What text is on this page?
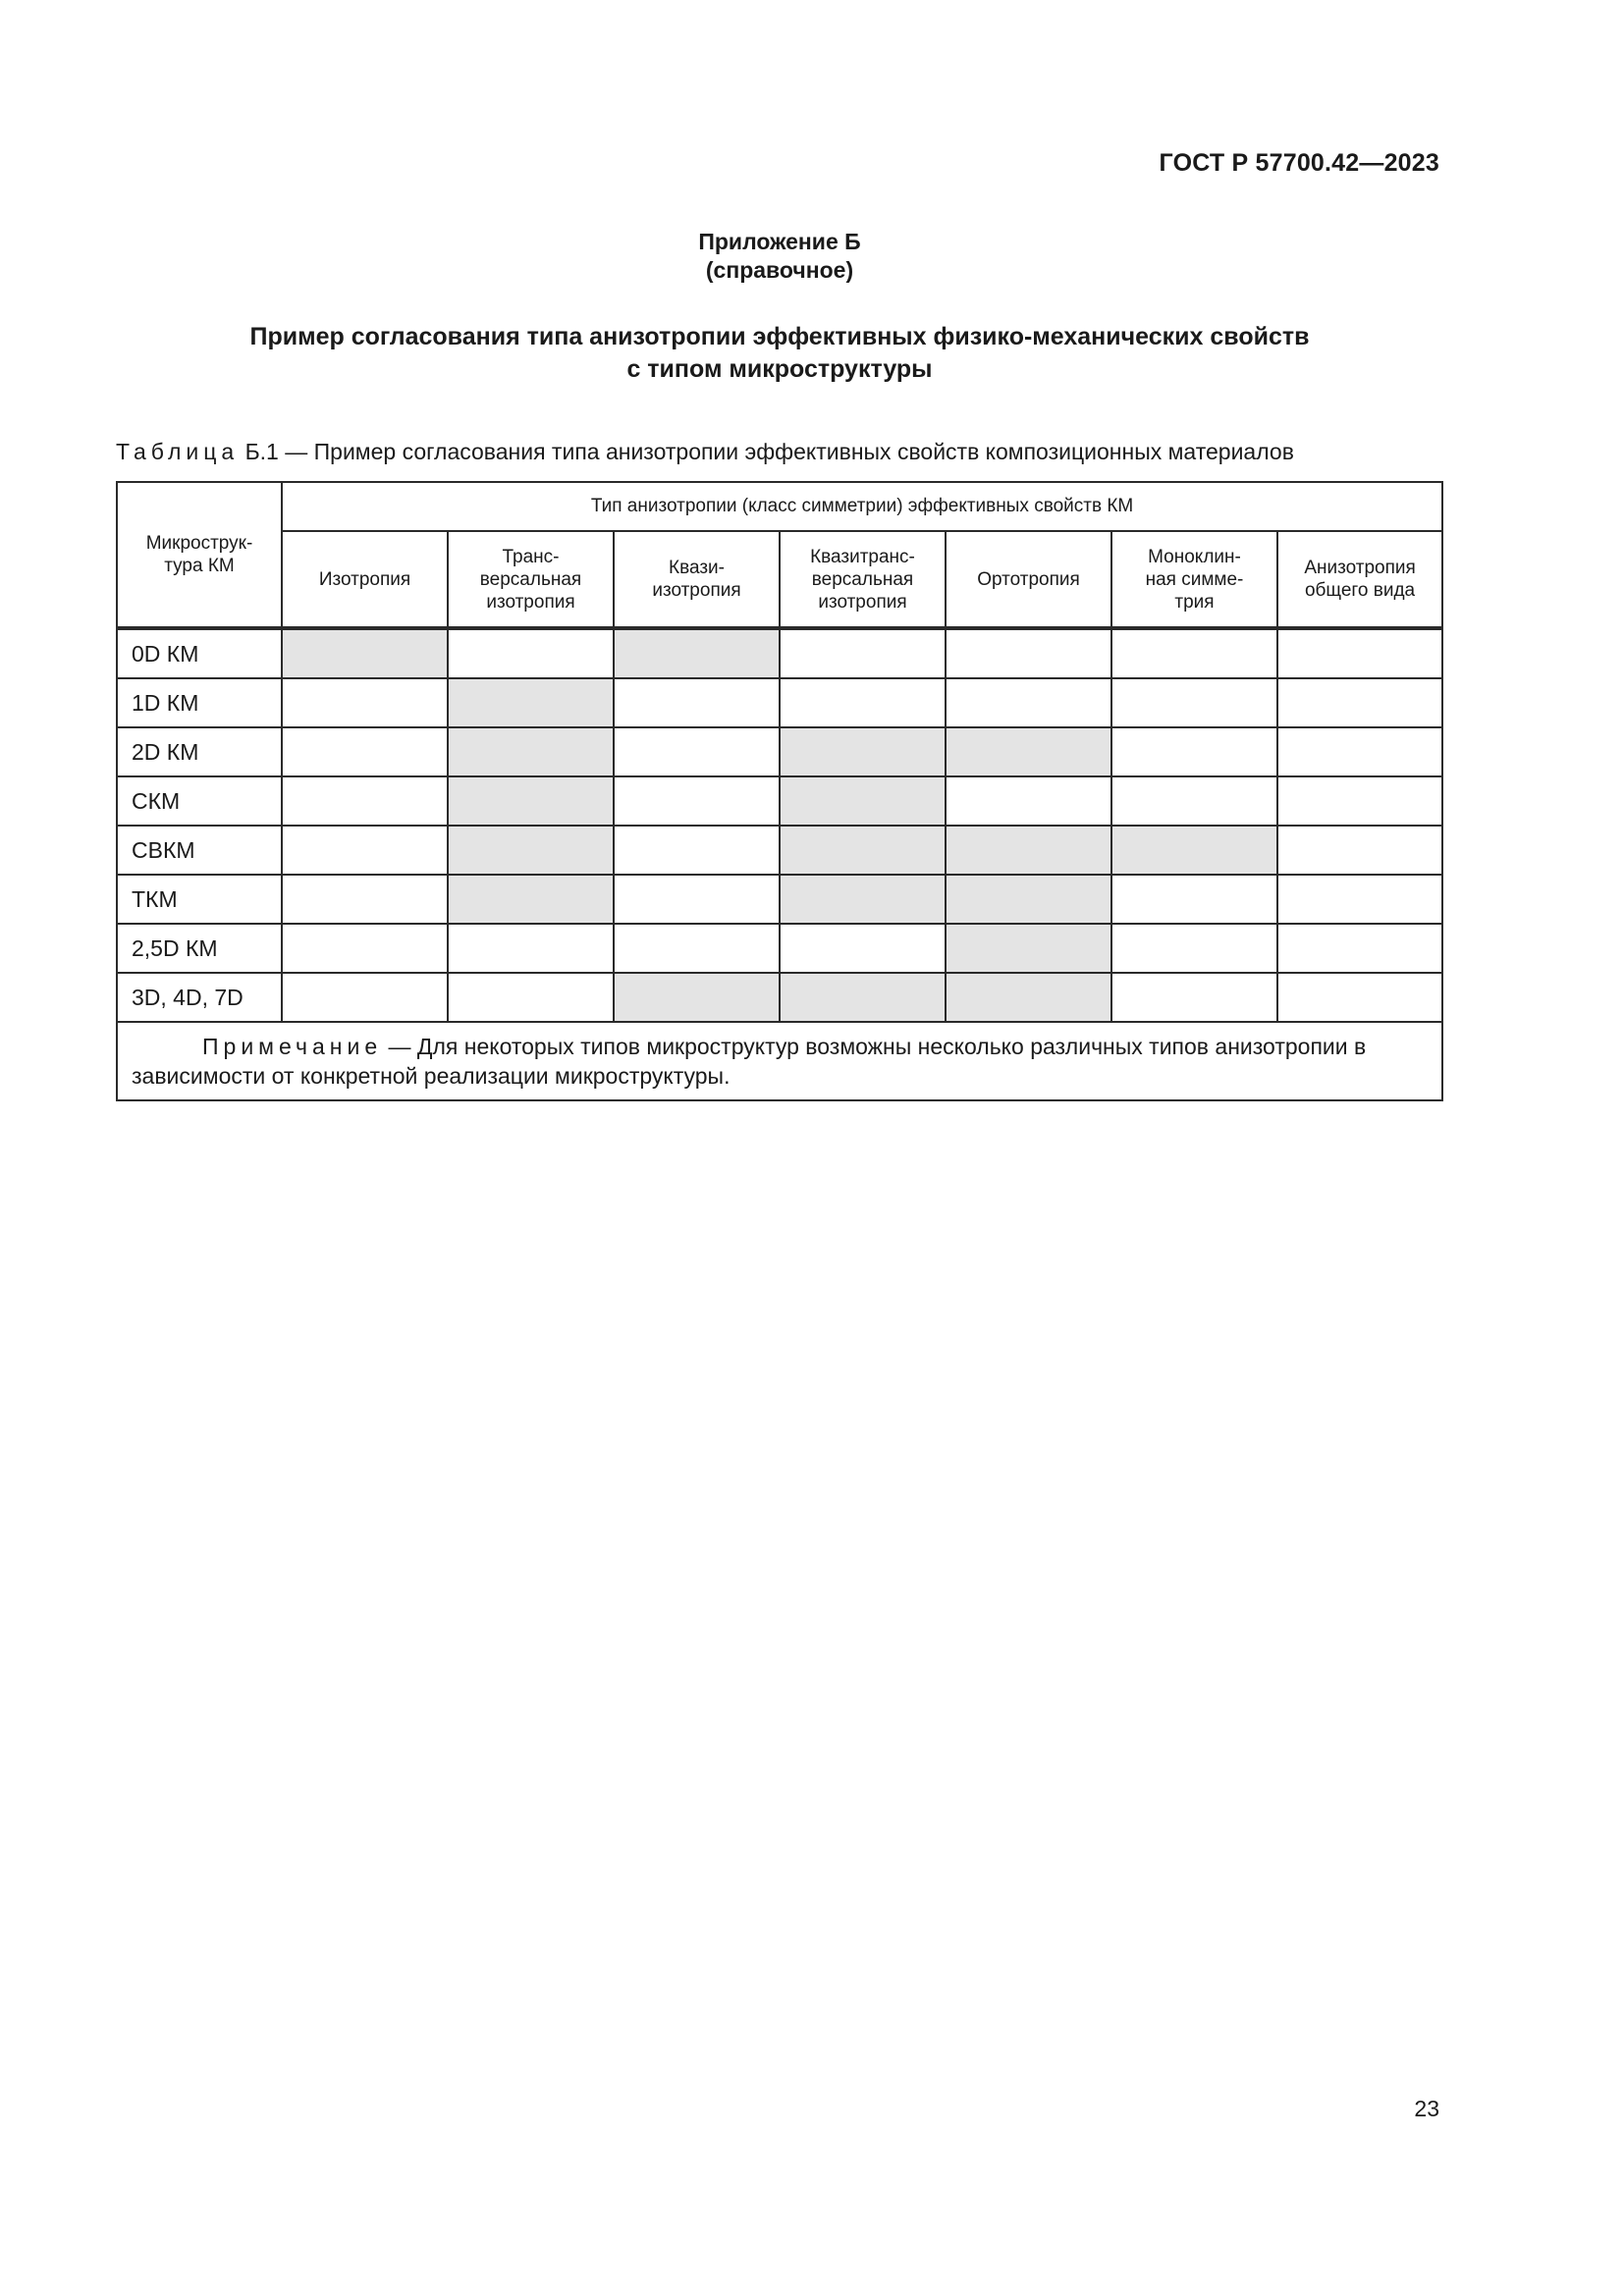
ГОСТ Р 57700.42—2023
Приложение Б
(справочное)
Пример согласования типа анизотропии эффективных физико-механических свойств
с типом микроструктуры
Таблица Б.1 — Пример согласования типа анизотропии эффективных свойств композиционных материалов
Микрострук-
тура КМ	Тип анизотропии (класс симметрии) эффективных свойств КМ						
	Изотропия	Транс-
версальная
изотропия	Квази-
изотропия	Квазитранс-
версальная
изотропия	Ортотропия	Моноклин-
ная симме-
трия	Анизотропия
общего вида
0D КМ							
1D КМ							
2D КМ							
СКМ							
СВКМ							
ТКМ							
2,5D КМ							
3D, 4D, 7D							
Примечание — Для некоторых типов микроструктур возможны несколько различных типов анизотропии в зависимости от конкретной реализации микроструктуры.							
23
